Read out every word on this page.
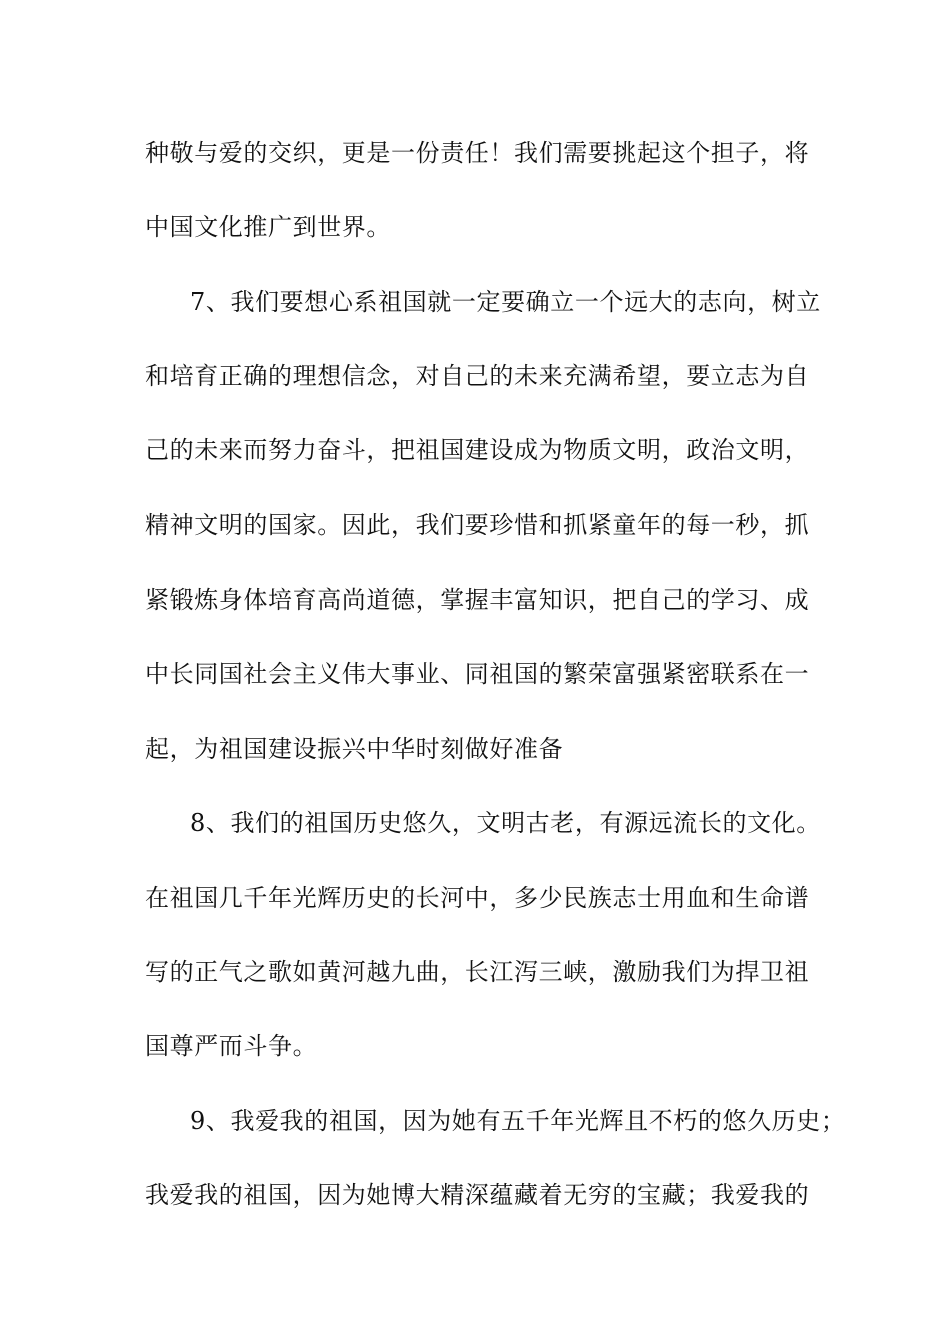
种敬与爱的交织，更是一份责任！我们需要挑起这个担子，将
中国文化推广到世界。
7、我们要想心系祖国就一定要确立一个远大的志向，树立
和培育正确的理想信念，对自己的未来充满希望，要立志为自
己的未来而努力奋斗，把祖国建设成为物质文明，政治文明，
精神文明的国家。因此，我们要珍惜和抓紧童年的每一秒，抓
紧锻炼身体培育高尚道德，掌握丰富知识，把自己的学习、成
中长同国社会主义伟大事业、同祖国的繁荣富强紧密联系在一
起，为祖国建设振兴中华时刻做好准备
8、我们的祖国历史悠久，文明古老，有源远流长的文化。
在祖国几千年光辉历史的长河中，多少民族志士用血和生命谱
写的正气之歌如黄河越九曲，长江泻三峡，激励我们为捍卫祖
国尊严而斗争。
9、我爱我的祖国，因为她有五千年光辉且不朽的悠久历史；
我爱我的祖国，因为她博大精深蕴藏着无穷的宝藏；我爱我的
